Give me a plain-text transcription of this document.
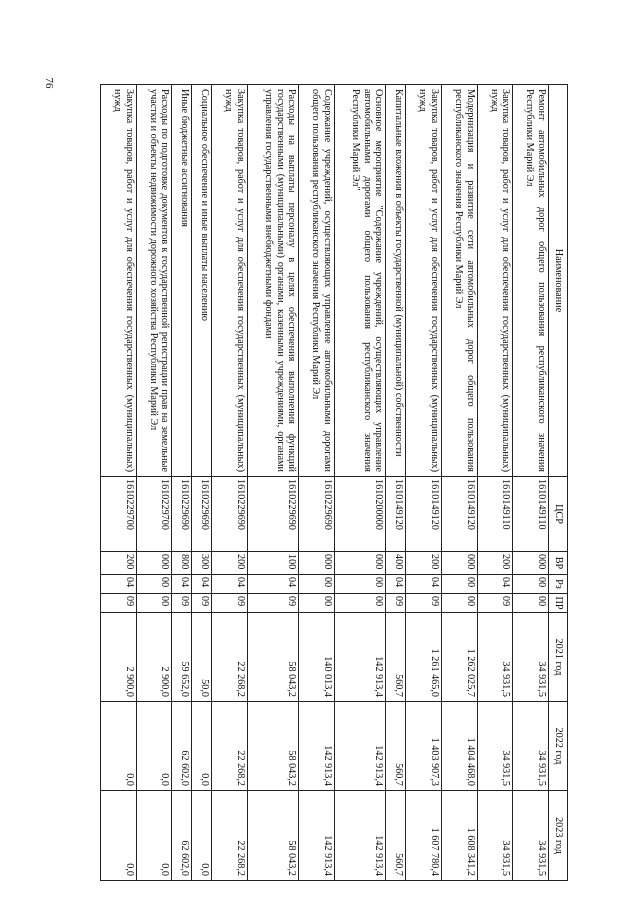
76
Наименование	ЦСР	ВР	Рз	ПР	2021 год	2022 год	2023 год
Ремонт автомобильных дорог общего пользования республиканского значения Республики Марий Эл	1610149110	000	00	00	34 931,5	34 931,5	34 931,5
Закупка товаров, работ и услуг для обеспечения государственных (муниципальных) нужд	1610149110	200	04	09	34 931,5	34 931,5	34 931,5
Модернизация и развитие сети автомобильных дорог общего пользования республиканского значения Республики Марий Эл	1610149120	000	00	00	1 262 025,7	1 404 468,0	1 608 341,2
Закупка товаров, работ и услуг для обеспечения государственных (муниципальных) нужд	1610149120	200	04	09	1 261 465,0	1 403 907,3	1 607 780,4
Капитальные вложения в объекты государственной (муниципальной) собственности	1610149120	400	04	09	560,7	560,7	560,7
Основное мероприятие "Содержание учреждений, осуществляющих управление автомобильными дорогами общего пользования республиканского значения Республики Марий Эл"	1610200000	000	00	00	142 913,4	142 913,4	142 913,4
Содержание учреждений, осуществляющих управление автомобильными дорогами общего пользования республиканского значения Республики Марий Эл	1610229690	000	00	00	140 013,4	142 913,4	142 913,4
Расходы на выплаты персоналу в целях обеспечения выполнения функций государственными (муниципальными) органами, казенными учреждениями, органами управления государственными внебюджетными фондами	1610229690	100	04	09	58 043,2	58 043,2	58 043,2
Закупка товаров, работ и услуг для обеспечения государственных (муниципальных) нужд	1610229690	200	04	09	22 268,2	22 268,2	22 268,2
Социальное обеспечение и иные выплаты населению	1610229690	300	04	09	50,0	0,0	0,0
Иные бюджетные ассигнования	1610229690	800	04	09	59 652,0	62 602,0	62 602,0
Расходы по подготовке документов к государственной регистрации прав на земельные участки и объекты недвижимости дорожного хозяйства Республики Марий Эл	1610229700	000	00	00	2 900,0	0,0	0,0
Закупка товаров, работ и услуг для обеспечения государственных (муниципальных) нужд	1610229700	200	04	09	2 900,0	0,0	0,0
